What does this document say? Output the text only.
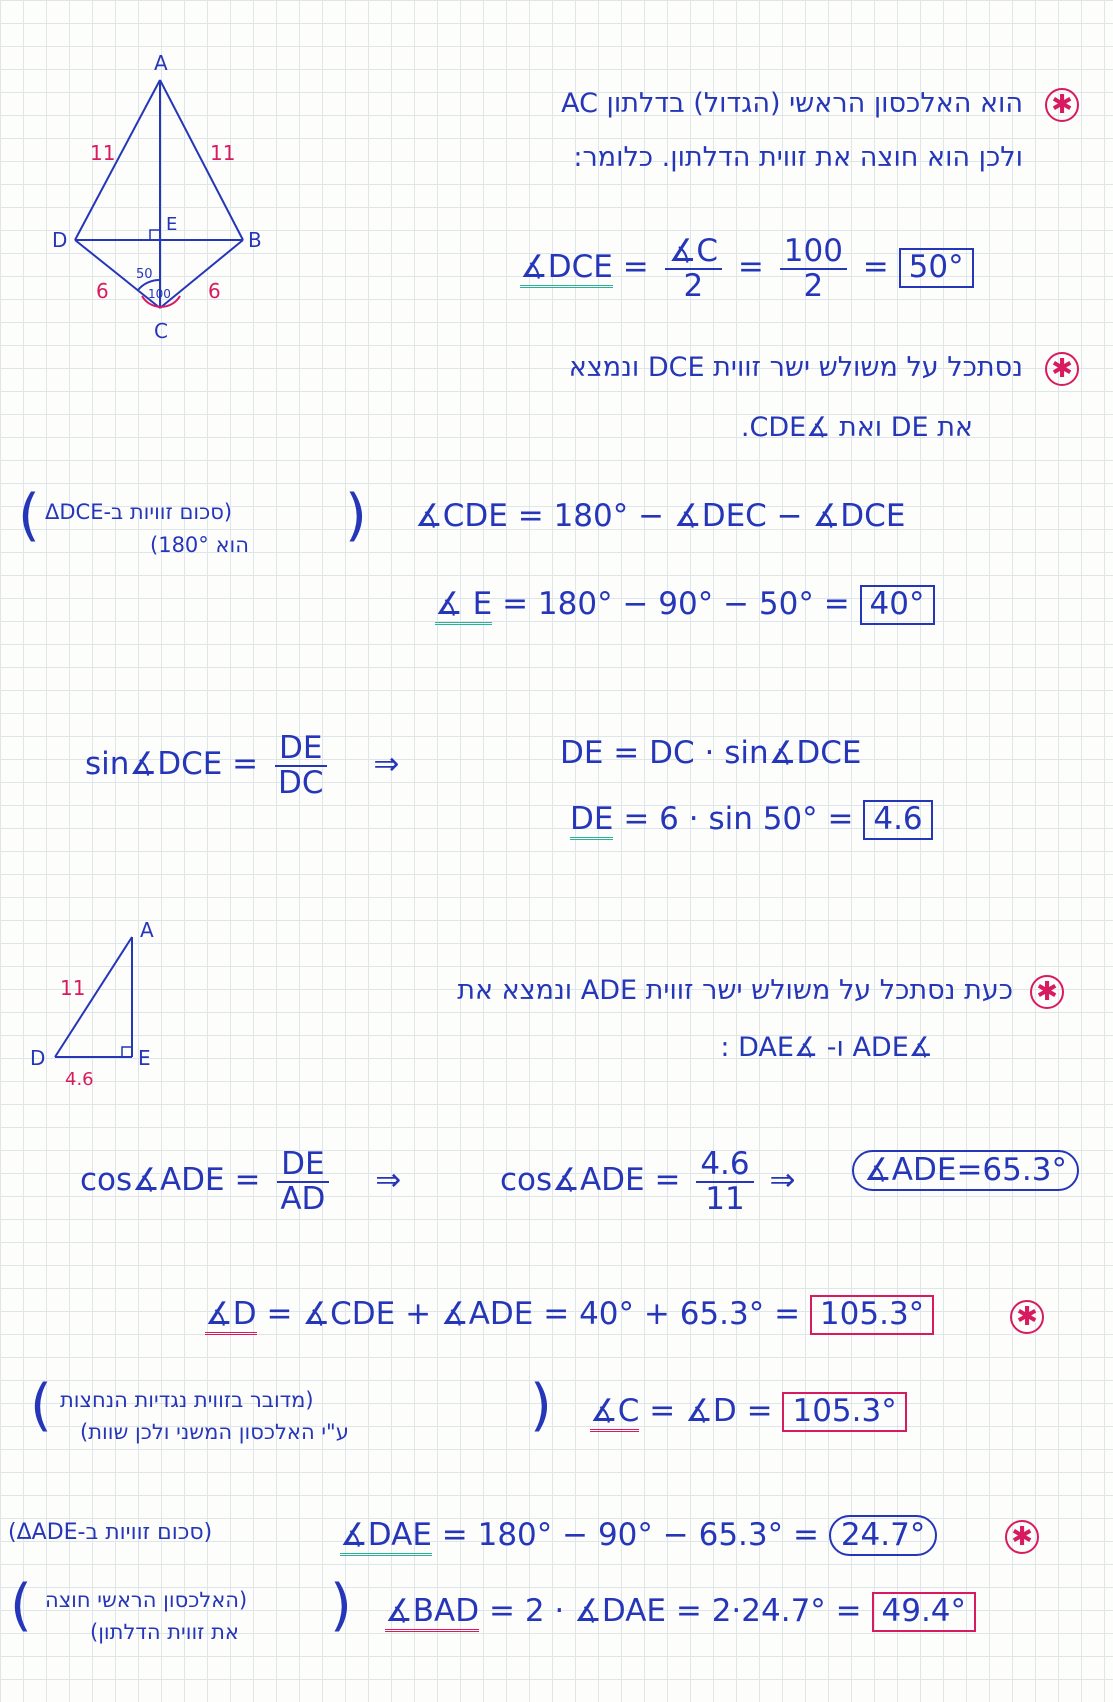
A
D	B
C
E
11	11
6	6
50
100
✱
הוא האלכסון הראשי (הגדול) בדלתון AC
ולכן הוא חוצה את זווית הדלתון. כלומר:
∡DCE = $\frac{∡C}{2} = \frac{100}{2} = 50^\circ$
✱
נסתכל על משולש ישר זווית DCE ונמצא
את DE ואת ∡CDE.
( (סכום זוויות ב-ΔDCE
הוא 180°) ) ∡CDE = 180° − ∡DEC − ∡DCE
∡ E = 180° − 90° − 50° = 40°
sin∡DCE = $\frac{DE}{DC}$ ⇒	DE = DC · sin∡DCE
DE = 6 · sin 50° = 4.6
A
D	E
11
4.6
✱
כעת נסתכל על משולש ישר זווית ADE ונמצא את
∡ADE ו- ∡DAE :
cos∡ADE = $\frac{DE}{AD}$ ⇒	cos∡ADE = $\frac{4.6}{11}$ ⇒	∡ADE=65.3°
∡D = ∡CDE + ∡ADE = 40° + 65.3° = 105.3°	✱
( (מדובר בזווית נגדיות הנחצות
ע"י האלכסון המשני ולכן שוות)	) ∡C = ∡D = 105.3°
(סכום זוויות ב-ΔADE)	∡DAE = 180° − 90° − 65.3° = 24.7°	✱
( (האלכסון הראשי חוצה
את זווית הדלתון) ) ∡BAD = 2 · ∡DAE = 2·24.7° = 49.4°
